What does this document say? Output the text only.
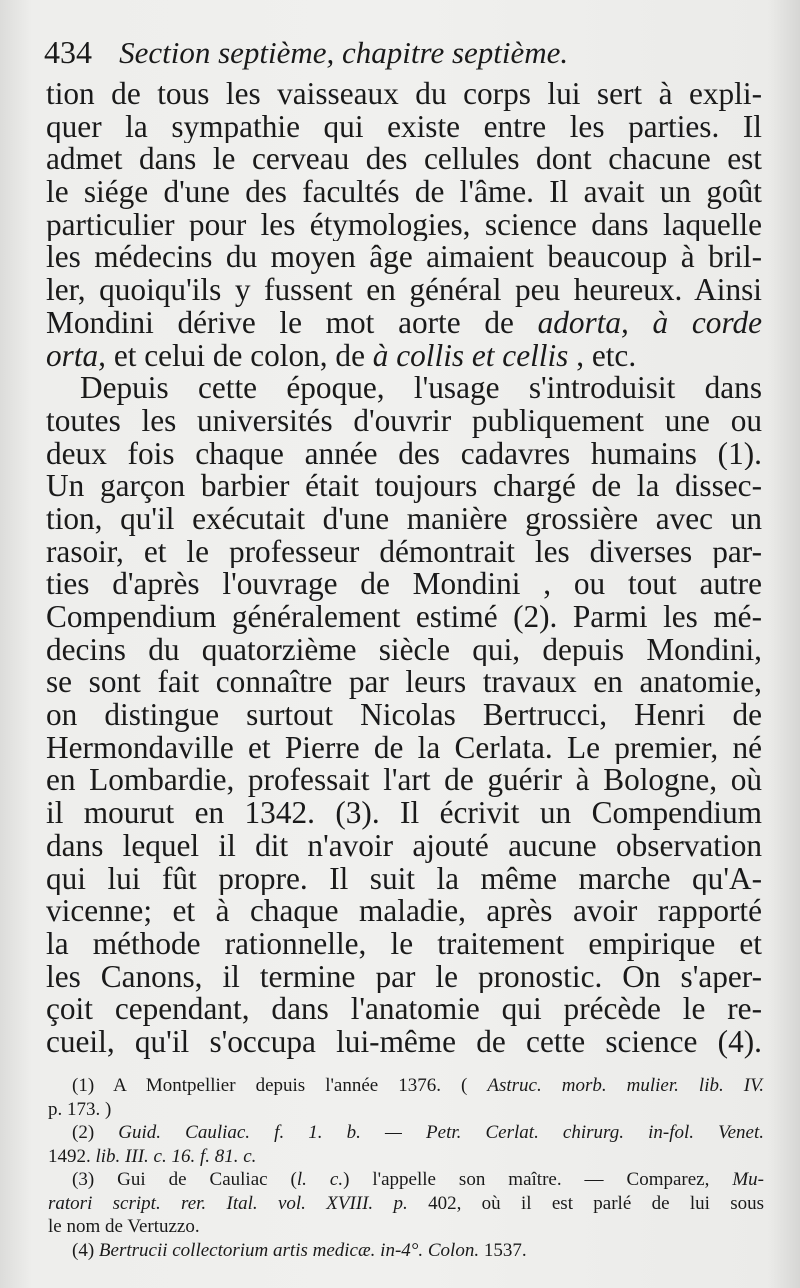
434 Section septième, chapitre septième.
tion de tous les vaisseaux du corps lui sert à expli-
quer la sympathie qui existe entre les parties. Il
admet dans le cerveau des cellules dont chacune est
le siége d'une des facultés de l'âme. Il avait un goût
particulier pour les étymologies, science dans laquelle
les médecins du moyen âge aimaient beaucoup à bril-
ler, quoiqu'ils y fussent en général peu heureux. Ainsi
Mondini dérive le mot aorte de adorta, à corde
orta, et celui de colon, de à collis et cellis , etc.
Depuis cette époque, l'usage s'introduisit dans
toutes les universités d'ouvrir publiquement une ou
deux fois chaque année des cadavres humains (1).
Un garçon barbier était toujours chargé de la dissec-
tion, qu'il exécutait d'une manière grossière avec un
rasoir, et le professeur démontrait les diverses par-
ties d'après l'ouvrage de Mondini , ou tout autre
Compendium généralement estimé (2). Parmi les mé-
decins du quatorzième siècle qui, depuis Mondini,
se sont fait connaître par leurs travaux en anatomie,
on distingue surtout Nicolas Bertrucci, Henri de
Hermondaville et Pierre de la Cerlata. Le premier, né
en Lombardie, professait l'art de guérir à Bologne, où
il mourut en 1342. (3). Il écrivit un Compendium
dans lequel il dit n'avoir ajouté aucune observation
qui lui fût propre. Il suit la même marche qu'A-
vicenne; et à chaque maladie, après avoir rapporté
la méthode rationnelle, le traitement empirique et
les Canons, il termine par le pronostic. On s'aper-
çoit cependant, dans l'anatomie qui précède le re-
cueil, qu'il s'occupa lui-même de cette science (4).
(1) A Montpellier depuis l'année 1376. ( Astruc. morb. mulier. lib. IV.
p. 173. )
(2) Guid. Cauliac. f. 1. b. — Petr. Cerlat. chirurg. in-fol. Venet.
1492. lib. III. c. 16. f. 81. c.
(3) Gui de Cauliac (l. c.) l'appelle son maître. — Comparez, Mu-
ratori script. rer. Ital. vol. XVIII. p. 402, où il est parlé de lui sous
le nom de Vertuzzo.
(4) Bertrucii collectorium artis medicæ. in-4°. Colon. 1537.
